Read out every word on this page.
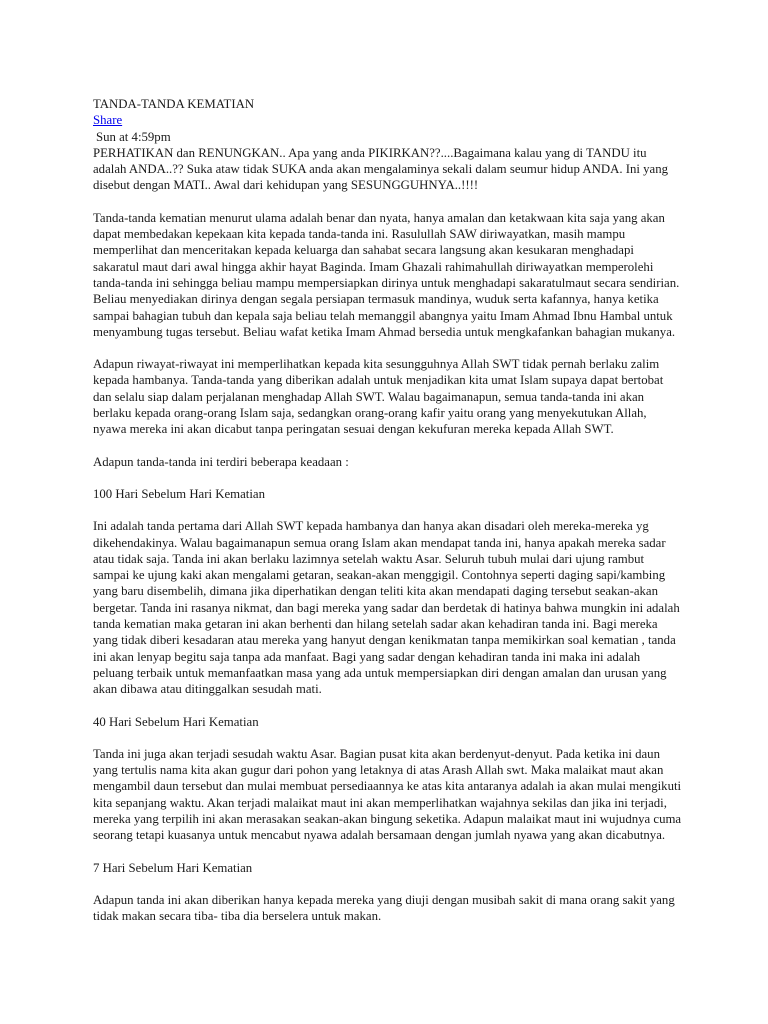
TANDA-TANDA KEMATIAN
Share
Sun at 4:59pm

PERHATIKAN dan RENUNGKAN.. Apa yang anda PIKIRKAN??....Bagaimana kalau yang di TANDU itu adalah ANDA..?? Suka ataw tidak SUKA anda akan mengalaminya sekali dalam seumur hidup ANDA. Ini yang disebut dengan MATI.. Awal dari kehidupan yang SESUNGGUHNYA..!!!!

Tanda-tanda kematian menurut ulama adalah benar dan nyata, hanya amalan dan ketakwaan kita saja yang akan dapat membedakan kepekaan kita kepada tanda-tanda ini. Rasulullah SAW diriwayatkan, masih mampu memperlihat dan menceritakan kepada keluarga dan sahabat secara langsung akan kesukaran menghadapi sakaratul maut dari awal hingga akhir hayat Baginda. Imam Ghazali rahimahullah diriwayatkan memperolehi tanda-tanda ini sehingga beliau mampu mempersiapkan dirinya untuk menghadapi sakaratulmaut secara sendirian. Beliau menyediakan dirinya dengan segala persiapan termasuk mandinya, wuduk serta kafannya, hanya ketika sampai bahagian tubuh dan kepala saja beliau telah memanggil abangnya yaitu Imam Ahmad Ibnu Hambal untuk menyambung tugas tersebut. Beliau wafat ketika Imam Ahmad bersedia untuk mengkafankan bahagian mukanya.

Adapun riwayat-riwayat ini memperlihatkan kepada kita sesungguhnya Allah SWT tidak pernah berlaku zalim kepada hambanya. Tanda-tanda yang diberikan adalah untuk menjadikan kita umat Islam supaya dapat bertobat dan selalu siap dalam perjalanan menghadap Allah SWT. Walau bagaimanapun, semua tanda-tanda ini akan berlaku kepada orang-orang Islam saja, sedangkan orang-orang kafir yaitu orang yang menyekutukan Allah, nyawa mereka ini akan dicabut tanpa peringatan sesuai dengan kekufuran mereka kepada Allah SWT.

Adapun tanda-tanda ini terdiri beberapa keadaan :

100 Hari Sebelum Hari Kematian

Ini adalah tanda pertama dari Allah SWT kepada hambanya dan hanya akan disadari oleh mereka-mereka yg dikehendakinya. Walau bagaimanapun semua orang Islam akan mendapat tanda ini, hanya apakah mereka sadar atau tidak saja. Tanda ini akan berlaku lazimnya setelah waktu Asar. Seluruh tubuh mulai dari ujung rambut sampai ke ujung kaki akan mengalami getaran, seakan-akan menggigil. Contohnya seperti daging sapi/kambing yang baru disembelih, dimana jika diperhatikan dengan teliti kita akan mendapati daging tersebut seakan-akan bergetar. Tanda ini rasanya nikmat, dan bagi mereka yang sadar dan berdetak di hatinya bahwa mungkin ini adalah tanda kematian maka getaran ini akan berhenti dan hilang setelah sadar akan kehadiran tanda ini. Bagi mereka yang tidak diberi kesadaran atau mereka yang hanyut dengan kenikmatan tanpa memikirkan soal kematian , tanda ini akan lenyap begitu saja tanpa ada manfaat. Bagi yang sadar dengan kehadiran tanda ini maka ini adalah peluang terbaik untuk memanfaatkan masa yang ada untuk mempersiapkan diri dengan amalan dan urusan yang akan dibawa atau ditinggalkan sesudah mati.

40 Hari Sebelum Hari Kematian

Tanda ini juga akan terjadi sesudah waktu Asar. Bagian pusat kita akan berdenyut-denyut. Pada ketika ini daun yang tertulis nama kita akan gugur dari pohon yang letaknya di atas Arash Allah swt. Maka malaikat maut akan mengambil daun tersebut dan mulai membuat persediaannya ke atas kita antaranya adalah ia akan mulai mengikuti kita sepanjang waktu. Akan terjadi malaikat maut ini akan memperlihatkan wajahnya sekilas dan jika ini terjadi, mereka yang terpilih ini akan merasakan seakan-akan bingung seketika. Adapun malaikat maut ini wujudnya cuma seorang tetapi kuasanya untuk mencabut nyawa adalah bersamaan dengan jumlah nyawa yang akan dicabutnya.

7 Hari Sebelum Hari Kematian

Adapun tanda ini akan diberikan hanya kepada mereka yang diuji dengan musibah sakit di mana orang sakit yang tidak makan secara tiba- tiba dia berselera untuk makan.
